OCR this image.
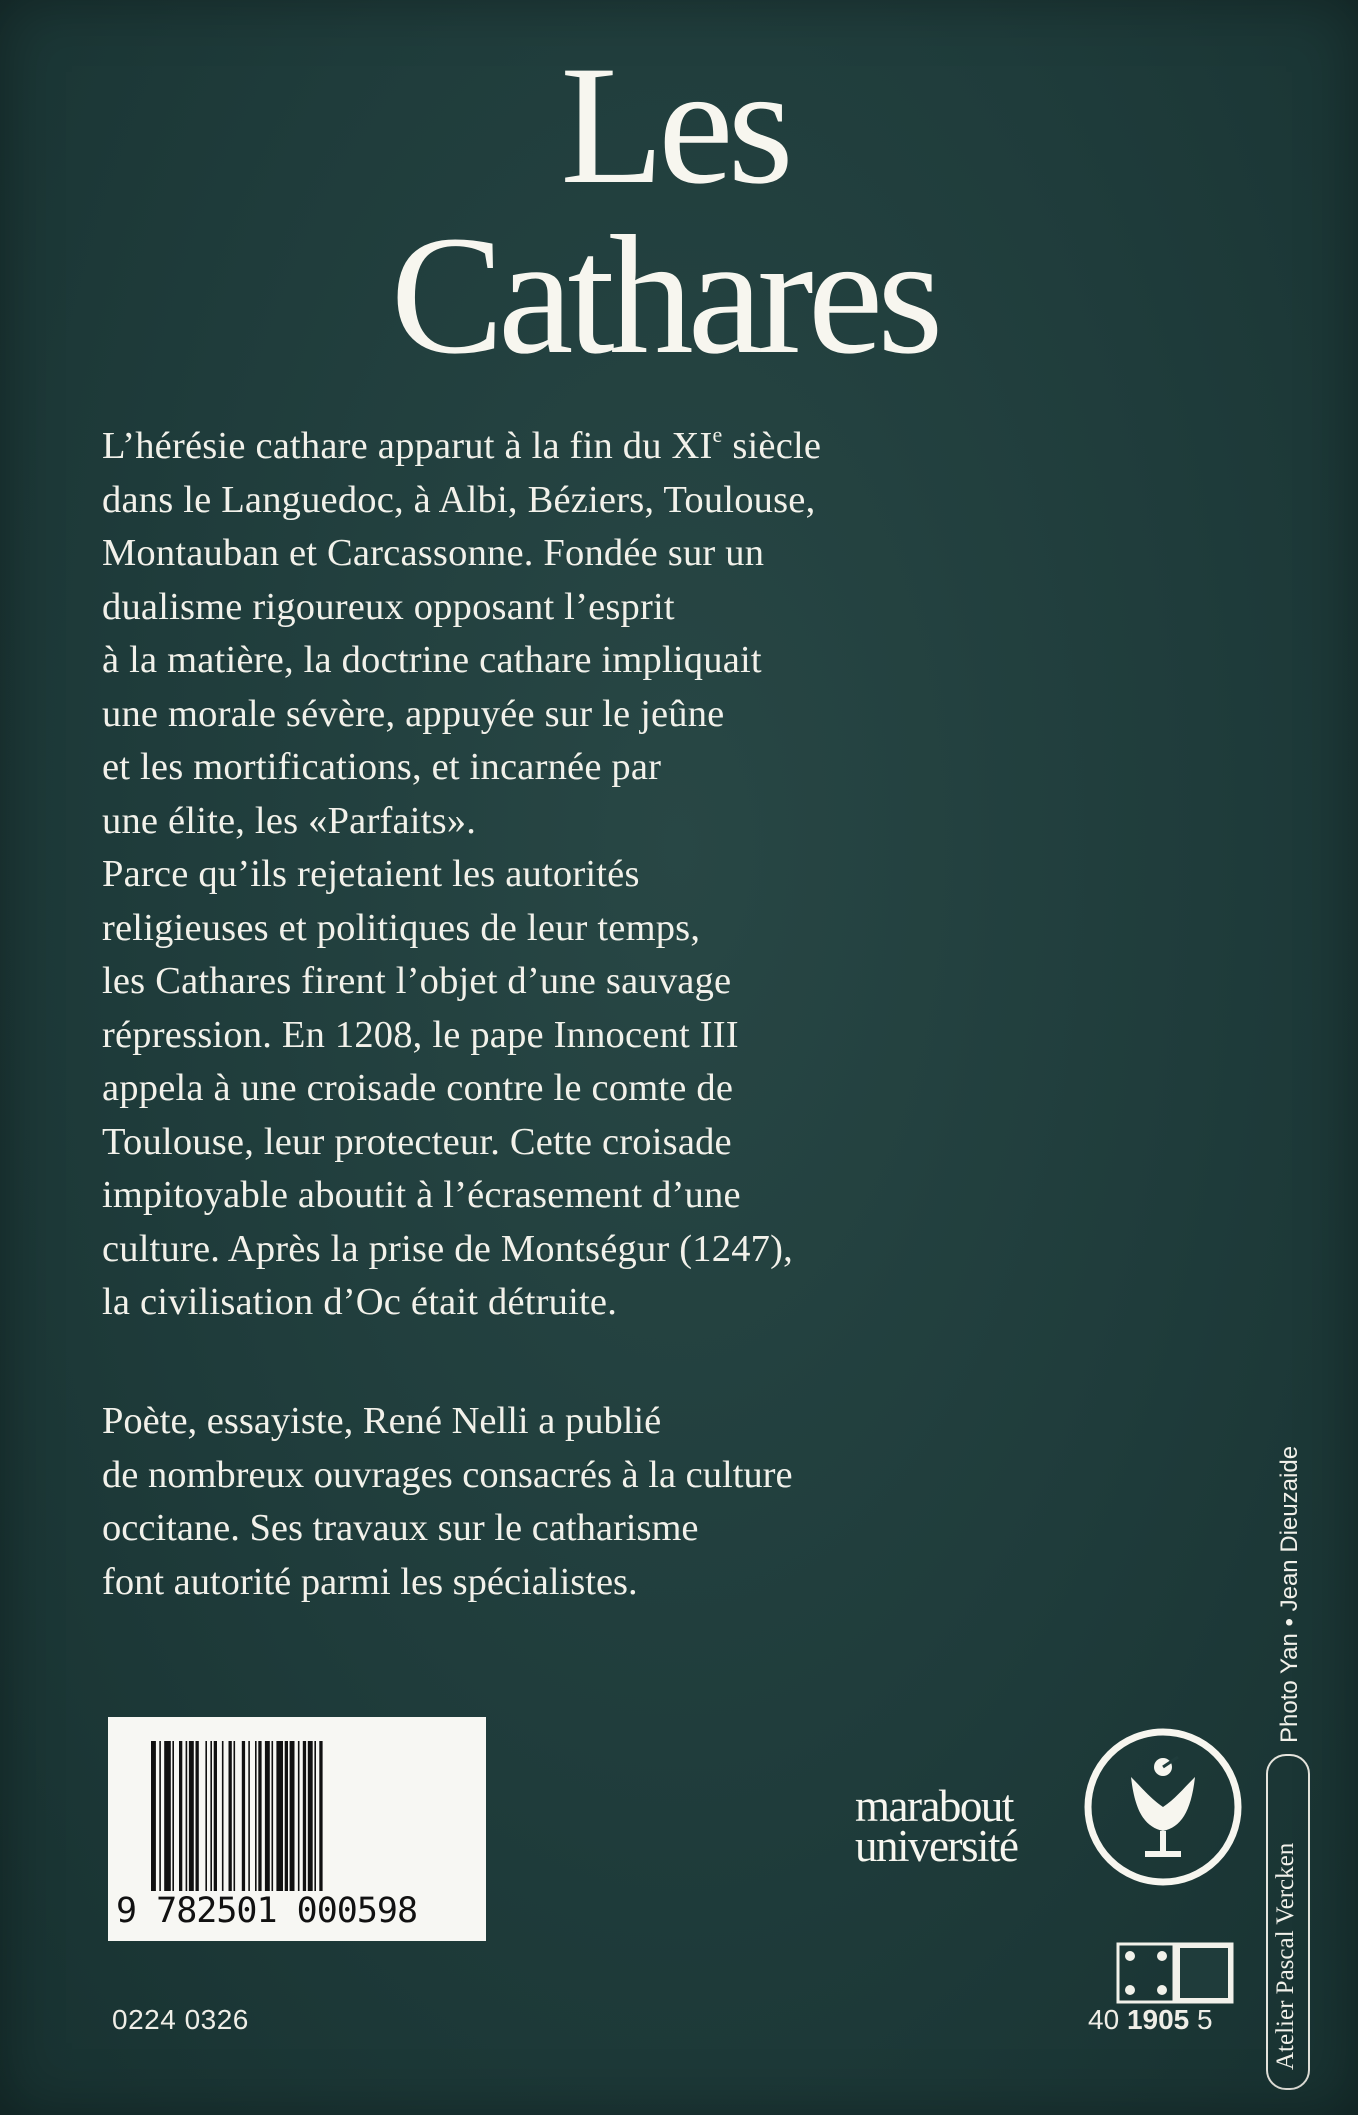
Les
Cathares
L’hérésie cathare apparut à la fin du XIe siècle
dans le Languedoc, à Albi, Béziers, Toulouse,
Montauban et Carcassonne. Fondée sur un
dualisme rigoureux opposant l’esprit
à la matière, la doctrine cathare impliquait
une morale sévère, appuyée sur le jeûne
et les mortifications, et incarnée par
une élite, les «Parfaits».
Parce qu’ils rejetaient les autorités
religieuses et politiques de leur temps,
les Cathares firent l’objet d’une sauvage
répression. En 1208, le pape Innocent III
appela à une croisade contre le comte de
Toulouse, leur protecteur. Cette croisade
impitoyable aboutit à l’écrasement d’une
culture. Après la prise de Montségur (1247),
la civilisation d’Oc était détruite.
Poète, essayiste, René Nelli a publié
de nombreux ouvrages consacrés à la culture
occitane. Ses travaux sur le catharisme
font autorité parmi les spécialistes.
9 782501 000598
0224 0326	40 1905 5
marabout
université
Photo Yan • Jean Dieuzaide
Atelier Pascal Vercken
